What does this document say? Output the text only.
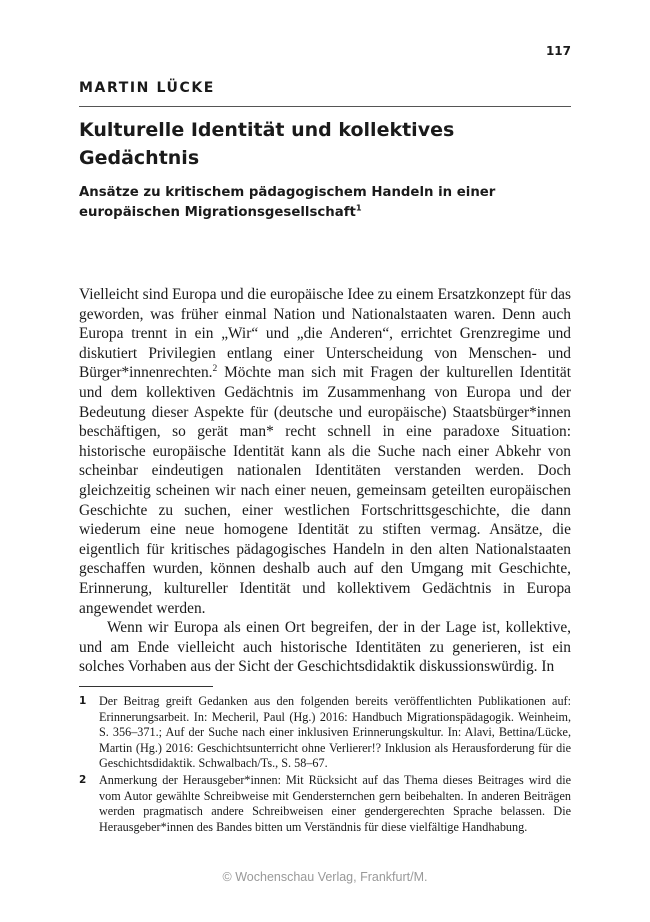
117
MARTIN LÜCKE
Kulturelle Identität und kollektives Gedächtnis
Ansätze zu kritischem pädagogischem Handeln in einer europäischen Migrationsgesellschaft$^1$

Vielleicht sind Europa und die europäische Idee zu einem Ersatzkonzept für das geworden, was früher einmal Nation und Nationalstaaten waren. Denn auch Europa trennt in ein „Wir“ und „die Anderen“, errichtet Grenzregime und diskutiert Privilegien entlang einer Unterscheidung von Menschen- und Bürger*innenrechten.$^2$ Möchte man sich mit Fragen der kulturellen Identität und dem kollektiven Gedächtnis im Zusammenhang von Europa und der Bedeutung dieser Aspekte für (deutsche und europäische) Staatsbürger*innen beschäftigen, so gerät man* recht schnell in eine paradoxe Situation: historische europäische Identität kann als die Suche nach einer Abkehr von scheinbar eindeutigen nationalen Identitäten verstanden werden. Doch gleichzeitig scheinen wir nach einer neuen, gemeinsam geteilten europäischen Geschichte zu suchen, einer westlichen Fortschrittsgeschichte, die dann wiederum eine neue homogene Identität zu stiften vermag. Ansätze, die eigentlich für kritisches pädagogisches Handeln in den alten Nationalstaaten geschaffen wurden, können deshalb auch auf den Umgang mit Geschichte, Erinnerung, kultureller Identität und kollektivem Gedächtnis in Europa angewendet werden.

Wenn wir Europa als einen Ort begreifen, der in der Lage ist, kollektive, und am Ende vielleicht auch historische Identitäten zu generieren, ist ein solches Vorhaben aus der Sicht der Geschichtsdidaktik diskussionswürdig. In

1 Der Beitrag greift Gedanken aus den folgenden bereits veröffentlichten Publikationen auf: Erinnerungsarbeit. In: Mecheril, Paul (Hg.) 2016: Handbuch Migrationspädagogik. Weinheim, S. 356–371.; Auf der Suche nach einer inklusiven Erinnerungskultur. In: Alavi, Bettina/Lücke, Martin (Hg.) 2016: Geschichtsunterricht ohne Verlierer!? Inklusion als Herausforderung für die Geschichtsdidaktik. Schwalbach/Ts., S. 58–67.
2 Anmerkung der Herausgeber*innen: Mit Rücksicht auf das Thema dieses Beitrages wird die vom Autor gewählte Schreibweise mit Gendersternchen gern beibehalten. In anderen Beiträgen werden pragmatisch andere Schreibweisen einer gendergerechten Sprache belassen. Die Herausgeber*innen des Bandes bitten um Verständnis für diese vielfältige Handhabung.
© Wochenschau Verlag, Frankfurt/M.
